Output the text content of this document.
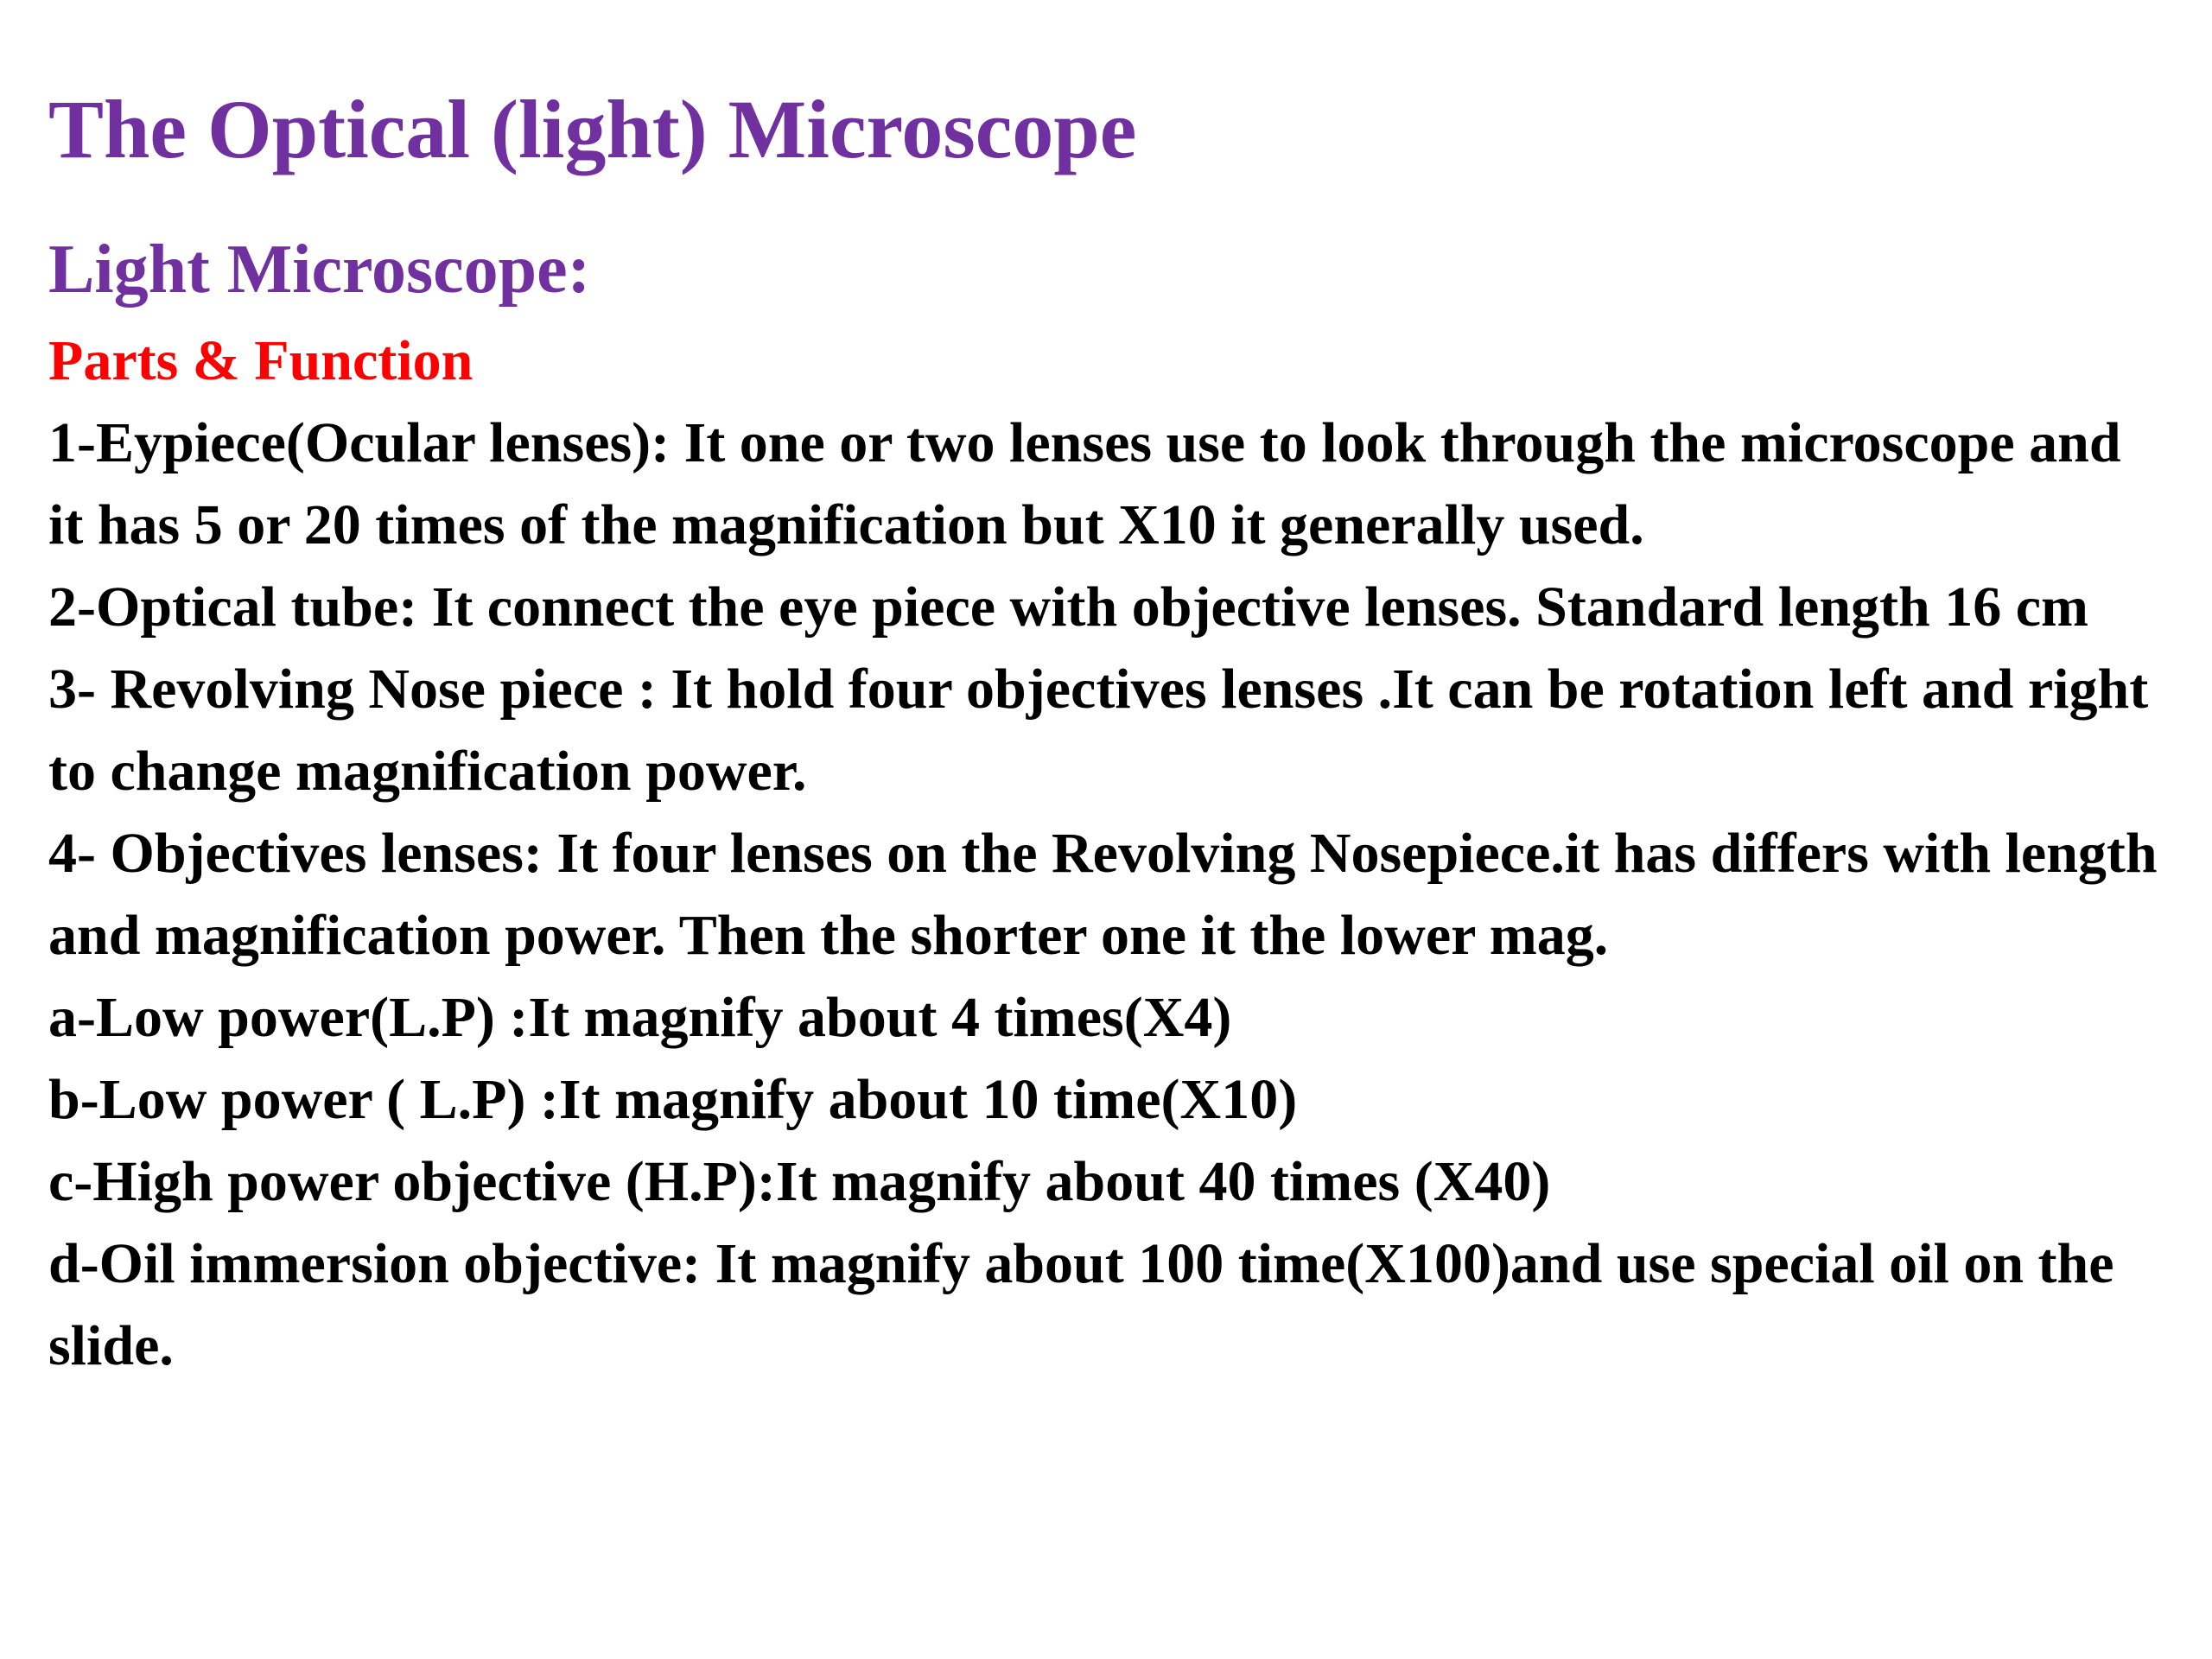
The Optical (light) Microscope
Light Microscope:
Parts & Function

1-Eypiece(Ocular lenses): It one or two lenses use to look through the microscope and it has 5 or 20 times of the magnification but X10 it generally used.

2-Optical tube: It connect the eye piece with objective lenses. Standard length 16 cm

3- Revolving Nose piece : It hold four objectives lenses .It can be rotation left and right to change magnification power.

4- Objectives lenses: It four lenses on the Revolving Nosepiece.it has differs with length and magnification power. Then the shorter one it the lower mag.

a-Low power(L.P) :It magnify about 4 times(X4)

b-Low power ( L.P) :It magnify about 10 time(X10)

c-High power objective (H.P):It magnify about 40 times (X40)

d-Oil immersion objective: It magnify about 100 time(X100)and use special oil on the slide.
